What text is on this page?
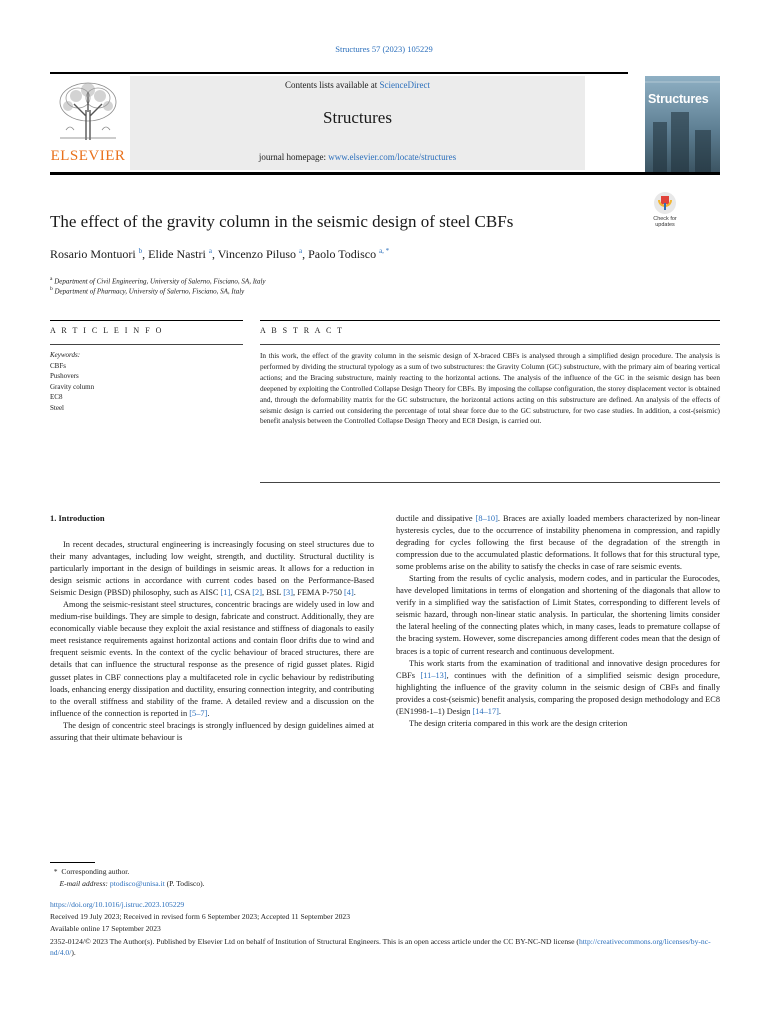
Structures 57 (2023) 105229
ELSEVIER
Contents lists available at ScienceDirect
Structures
journal homepage: www.elsevier.com/locate/structures
Structures
The effect of the gravity column in the seismic design of steel CBFs	Check for updates
Rosario Montuori $^b$, Elide Nastri $^a$, Vincenzo Piluso $^a$, Paolo Todisco $^{a, *}$
$^a$ Department of Civil Engineering, University of Salerno, Fisciano, SA, Italy
$^b$ Department of Pharmacy, University of Salerno, Fisciano, SA, Italy
A R T I C L E I N F O	A B S T R A C T
Keywords:
CBFs
Pushovers
Gravity column
EC8
Steel
In this work, the effect of the gravity column in the seismic design of X-braced CBFs is analysed through a simplified design procedure. The analysis is performed by dividing the structural typology as a sum of two substructures: the Gravity Column (GC) substructure, with the primary aim of bearing vertical actions; and the Bracing substructure, mainly reacting to the horizontal actions. The analysis of the influence of the GC in the seismic design has been deepened by exploiting the Controlled Collapse Design Theory for CBFs. By imposing the collapse configuration, the storey displacement vector is obtained and, through the deformability matrix for the GC substructure, the horizontal actions acting on this substructure are defined. An analysis of the effects of seismic design is carried out considering the percentage of total shear force due to the GC substructure, for two case studies. In addition, a cost-(seismic) benefit analysis between the Controlled Collapse Design Theory and EC8 Design, is carried out.
1. Introduction

In recent decades, structural engineering is increasingly focusing on steel structures due to their many advantages, including low weight, strength, and ductility. Structural ductility is particularly important in the design of buildings in seismic areas. It allows for a reduction in design seismic actions in accordance with current codes based on the Performance-Based Seismic Design (PBSD) philosophy, such as AISC [1], CSA [2], BSL [3], FEMA P-750 [4].

Among the seismic-resistant steel structures, concentric bracings are widely used in low and medium-rise buildings. They are simple to design, fabricate and construct. Additionally, they are economically viable because they exploit the axial resistance and stiffness of diagonals to easily meet resistance requirements against horizontal actions and contain floor drifts due to wind and frequent seismic events. In the context of the cyclic behaviour of braced structures, there are details that can influence the structural response as the presence of rigid gusset plates. Rigid gusset plates in CBF connections play a multifaceted role in cyclic behaviour by redistributing loads, enhancing energy dissipation and ductility, ensuring connection integrity, and contributing to the overall stiffness and stability of the frame. A detailed review and a discussion on the influence of the connection is reported in [5–7].

The design of concentric steel bracings is strongly influenced by design guidelines aimed at assuring that their ultimate behaviour is

ductile and dissipative [8–10]. Braces are axially loaded members characterized by non-linear hysteresis cycles, due to the occurrence of instability phenomena in compression, and rapidly degrading for cycles following the first because of the degradation of the strength in compression due to the accumulated plastic deformations. It follows that for this structural type, some problems arise on the ability to satisfy the checks in case of rare seismic events.

Starting from the results of cyclic analysis, modern codes, and in particular the Eurocodes, have developed limitations in terms of elongation and shortening of the diagonals that allow to verify in a simplified way the satisfaction of Limit States, corresponding to different levels of seismic hazard, through non-linear static analysis. In particular, the shortening limits consider the lateral heeling of the connecting plates which, in many cases, leads to premature collapse of the bracing system. However, some discrepancies among different codes mean that the design of braces is a topic of current research and continuous development.

This work starts from the examination of traditional and innovative design procedures for CBFs [11–13], continues with the definition of a simplified seismic design procedure, highlighting the influence of the gravity column in the seismic design of CBFs and finally provides a cost-(seismic) benefit analysis, comparing the proposed design methodology and EC8 (EN1998-1–1) Design [14–17].

The design criteria compared in this work are the design criterion

* Corresponding author.
E-mail address: ptodisco@unisa.it (P. Todisco).
https://doi.org/10.1016/j.istruc.2023.105229
Received 19 July 2023; Received in revised form 6 September 2023; Accepted 11 September 2023
Available online 17 September 2023
2352-0124/© 2023 The Author(s). Published by Elsevier Ltd on behalf of Institution of Structural Engineers. This is an open access article under the CC BY-NC-ND license (http://creativecommons.org/licenses/by-nc-nd/4.0/).
